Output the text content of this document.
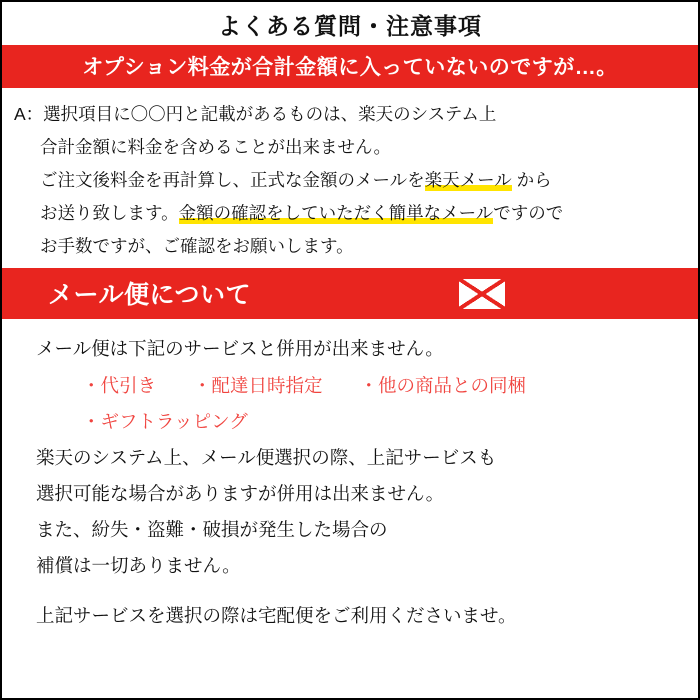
よくある質問・注意事項
オプション料金が合計金額に入っていないのですが…。
A：選択項目に〇〇円と記載があるものは、楽天のシステム上
合計金額に料金を含めることが出来ません。
ご注文後料金を再計算し、正式な金額のメールを楽天メール から
お送り致します。金額の確認をしていただく簡単なメールですので
お手数ですが、ご確認をお願いします。
メール便について
メール便は下記のサービスと併用が出来ません。
・代引き　　・配達日時指定　　・他の商品との同梱
・ギフトラッピング
楽天のシステム上、メール便選択の際、上記サービスも
選択可能な場合がありますが併用は出来ません。
また、紛失・盗難・破損が発生した場合の
補償は一切ありません。
上記サービスを選択の際は宅配便をご利用くださいませ。
